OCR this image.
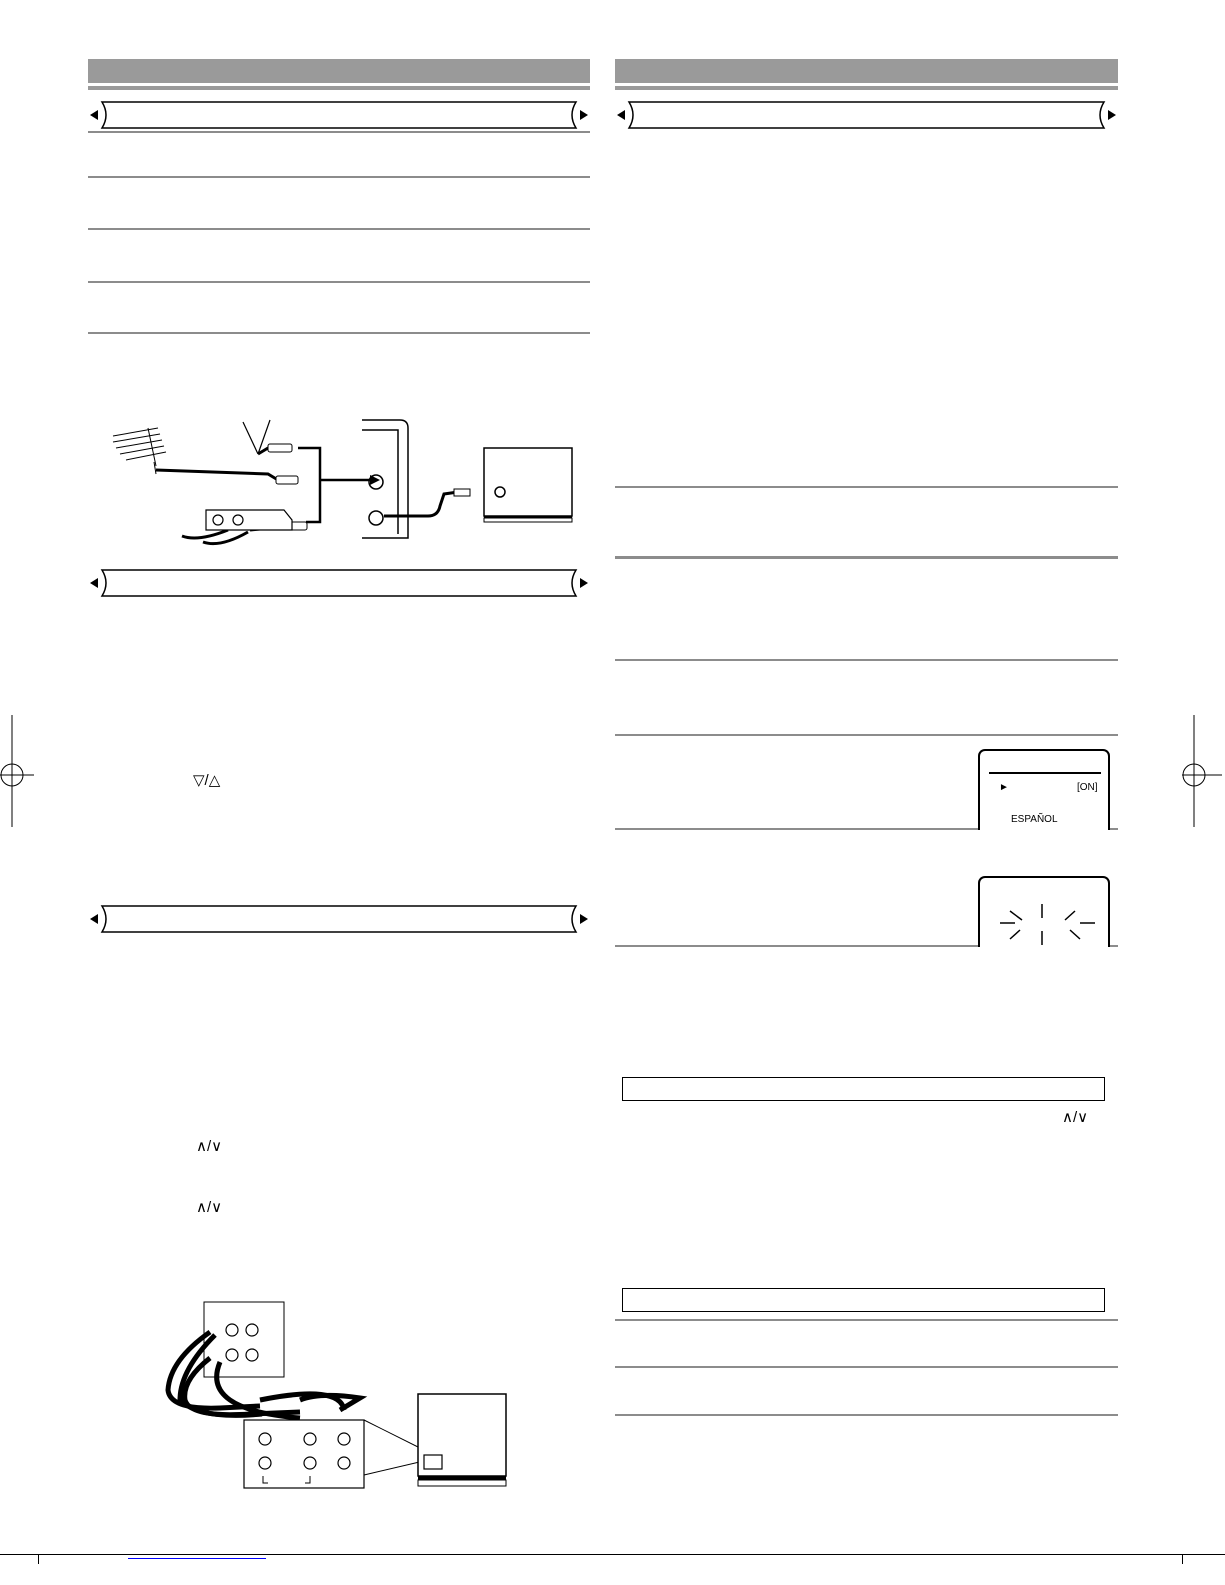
▽/△
∧/∨
∧/∨
∧/∨
►	[ON]
ESPAÑOL
